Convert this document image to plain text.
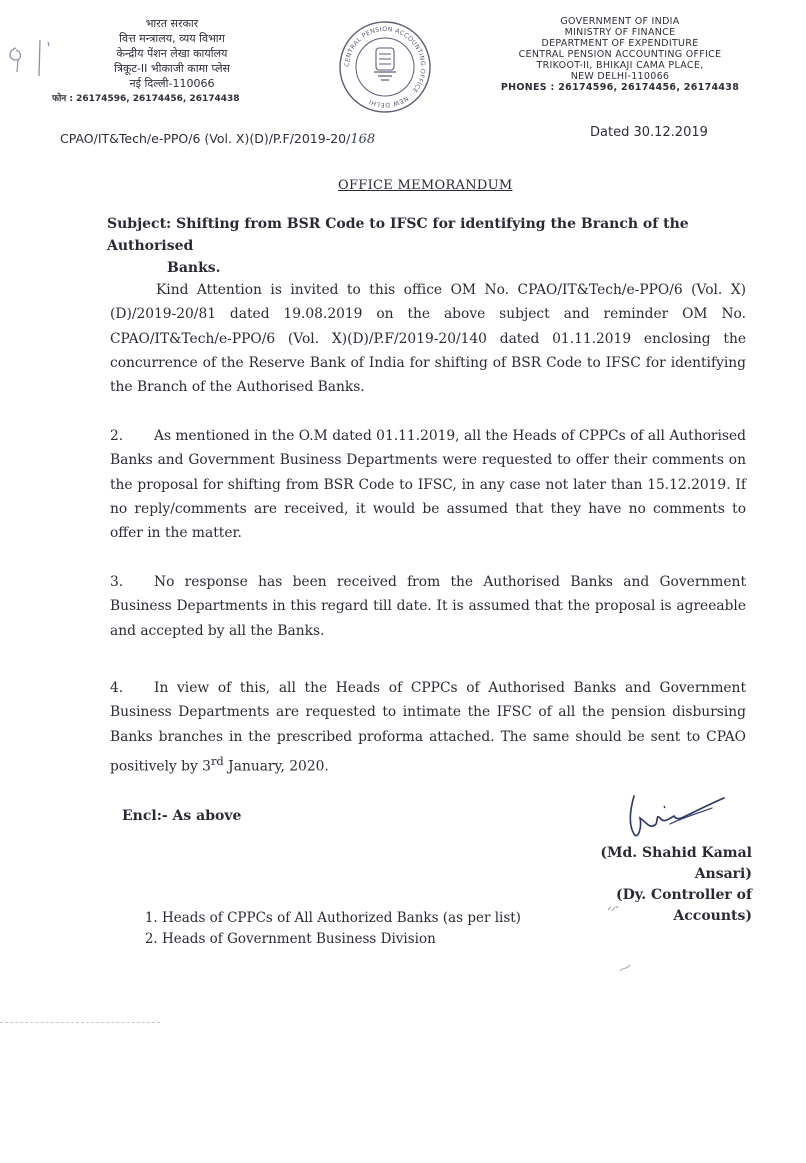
भारत सरकार
वित्त मन्त्रालय, व्यय विभाग
केन्द्रीय पेंशन लेखा कार्यालय
त्रिकूट-II भीकाजी कामा प्लेस
नई दिल्ली-110066
फोन : 26174596, 26174456, 26174438
CENTRAL PENSION ACCOUNTING OFFICE · NEW DELHI
GOVERNMENT OF INDIA
MINISTRY OF FINANCE
DEPARTMENT OF EXPENDITURE
CENTRAL PENSION ACCOUNTING OFFICE
TRIKOOT-II, BHIKAJI CAMA PLACE,
NEW DELHI-110066
PHONES : 26174596, 26174456, 26174438
CPAO/IT&Tech/e-PPO/6 (Vol. X)(D)/P.F/2019-20/168	Dated 30.12.2019
OFFICE MEMORANDUM
Subject: Shifting from BSR Code to IFSC for identifying the Branch of the Authorised
Banks.
Kind Attention is invited to this office OM No. CPAO/IT&Tech/e-PPO/6 (Vol. X)(D)/2019-20/81 dated 19.08.2019 on the above subject and reminder OM No. CPAO/IT&Tech/e-PPO/6 (Vol. X)(D)/P.F/2019-20/140 dated 01.11.2019 enclosing the concurrence of the Reserve Bank of India for shifting of BSR Code to IFSC for identifying the Branch of the Authorised Banks.
2. As mentioned in the O.M dated 01.11.2019, all the Heads of CPPCs of all Authorised Banks and Government Business Departments were requested to offer their comments on the proposal for shifting from BSR Code to IFSC, in any case not later than 15.12.2019. If no reply/comments are received, it would be assumed that they have no comments to offer in the matter.
3. No response has been received from the Authorised Banks and Government Business Departments in this regard till date. It is assumed that the proposal is agreeable and accepted by all the Banks.
4. In view of this, all the Heads of CPPCs of Authorised Banks and Government Business Departments are requested to intimate the IFSC of all the pension disbursing Banks branches in the prescribed proforma attached. The same should be sent to CPAO positively by 3rd January, 2020.
Encl:- As above
(Md. Shahid Kamal Ansari)
(Dy. Controller of Accounts)
1. Heads of CPPCs of All Authorized Banks (as per list)
2. Heads of Government Business Division
